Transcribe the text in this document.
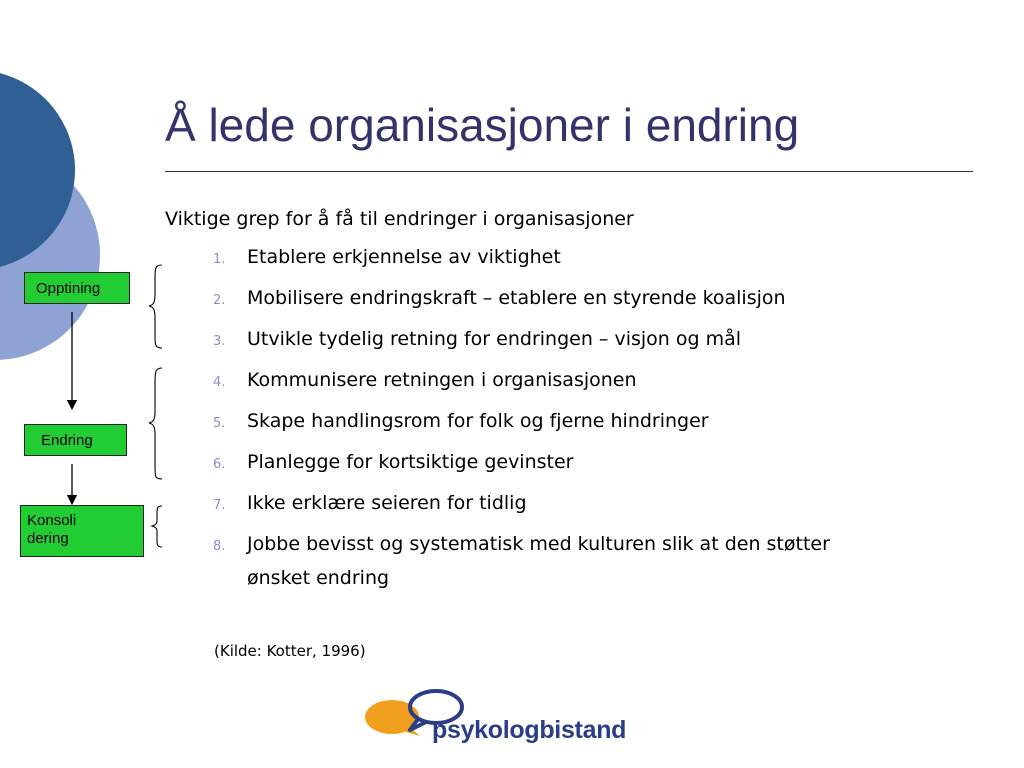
Å lede organisasjoner i endring
Viktige grep for å få til endringer i organisasjoner
1. Etablere erkjennelse av viktighet
2. Mobilisere endringskraft – etablere en styrende koalisjon
3. Utvikle tydelig retning for endringen – visjon og mål
4. Kommunisere retningen i organisasjonen
5. Skape handlingsrom for folk og fjerne hindringer
6. Planlegge for kortsiktige gevinster
7. Ikke erklære seieren for tidlig
8. Jobbe bevisst og systematisk med kulturen slik at den støtter
ønsket endring
(Kilde: Kotter, 1996)
Opptining
Endring
Konsoli
dering
psykologbistand
